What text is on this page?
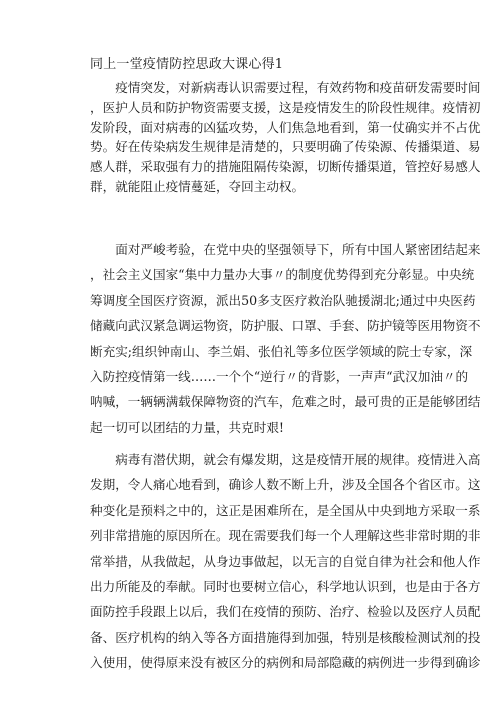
同上一堂疫情防控思政大课心得1
　　疫情突发，对新病毒认识需要过程，有效药物和疫苗研发需要时间
，医护人员和防护物资需要支援，这是疫情发生的阶段性规律。疫情初
发阶段，面对病毒的凶猛攻势，人们焦急地看到，第一仗确实并不占优
势。好在传染病发生规律是清楚的，只要明确了传染源、传播渠道、易
感人群，采取强有力的措施阻隔传染源，切断传播渠道，管控好易感人
群，就能阻止疫情蔓延，夺回主动权。
　　面对严峻考验，在党中央的坚强领导下，所有中国人紧密团结起来
，社会主义国家“集中力量办大事〃的制度优势得到充分彰显。中央统
筹调度全国医疗资源，派出50多支医疗救治队驰援湖北;通过中央医药
储藏向武汉紧急调运物资，防护服、口罩、手套、防护镜等医用物资不
断充实;组织钟南山、李兰娟、张伯礼等多位医学领域的院士专家，深
入防控疫情第一线……一个个“逆行〃的背影，一声声“武汉加油〃的
呐喊，一辆辆满载保障物资的汽车，危难之时，最可贵的正是能够团结
起一切可以团结的力量，共克时艰!
　　病毒有潜伏期，就会有爆发期，这是疫情开展的规律。疫情进入高
发期，令人痛心地看到，确诊人数不断上升，涉及全国各个省区市。这
种变化是预料之中的，这正是困难所在，是全国从中央到地方采取一系
列非常措施的原因所在。现在需要我们每一个人理解这些非常时期的非
常举措，从我做起，从身边事做起，以无言的自觉自律为社会和他人作
出力所能及的奉献。同时也要树立信心，科学地认识到，也是由于各方
面防控手段跟上以后，我们在疫情的预防、治疗、检验以及医疗人员配
备、医疗机构的纳入等各方面措施得到加强，特别是核酸检测试剂的投
入使用，使得原来没有被区分的病例和局部隐藏的病例进一步得到确诊
